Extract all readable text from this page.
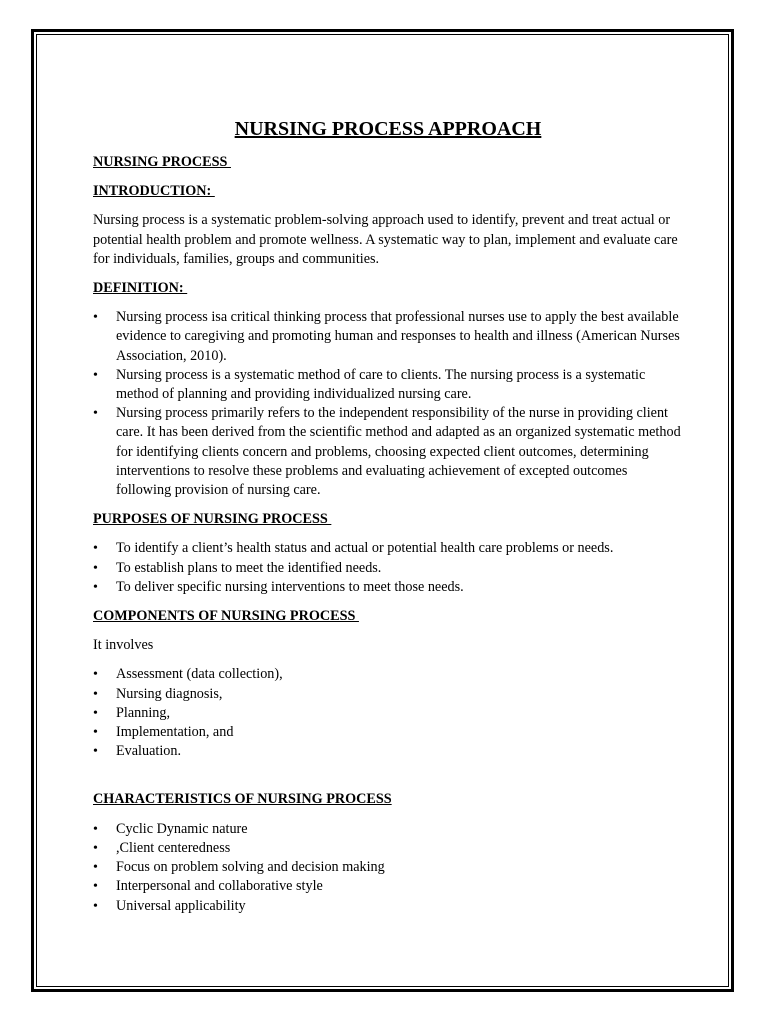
NURSING PROCESS APPROACH
NURSING PROCESS
INTRODUCTION:
Nursing process is a systematic problem-solving approach used to identify, prevent and treat actual or potential health problem and promote wellness. A systematic way to plan, implement and evaluate care for individuals, families, groups and communities.
DEFINITION:
• Nursing process isa critical thinking process that professional nurses use to apply the best available evidence to caregiving and promoting human and responses to health and illness (American Nurses Association, 2010).
• Nursing process is a systematic method of care to clients. The nursing process is a systematic method of planning and providing individualized nursing care.
• Nursing process primarily refers to the independent responsibility of the nurse in providing client care. It has been derived from the scientific method and adapted as an organized systematic method for identifying clients concern and problems, choosing expected client outcomes, determining interventions to resolve these problems and evaluating achievement of excepted outcomes following provision of nursing care.
PURPOSES OF NURSING PROCESS
• To identify a client’s health status and actual or potential health care problems or needs.
• To establish plans to meet the identified needs.
• To deliver specific nursing interventions to meet those needs.
COMPONENTS OF NURSING PROCESS
It involves
• Assessment (data collection),
• Nursing diagnosis,
• Planning,
• Implementation, and
• Evaluation.
CHARACTERISTICS OF NURSING PROCESS
• Cyclic Dynamic nature
• ,Client centeredness
• Focus on problem solving and decision making
• Interpersonal and collaborative style
• Universal applicability
